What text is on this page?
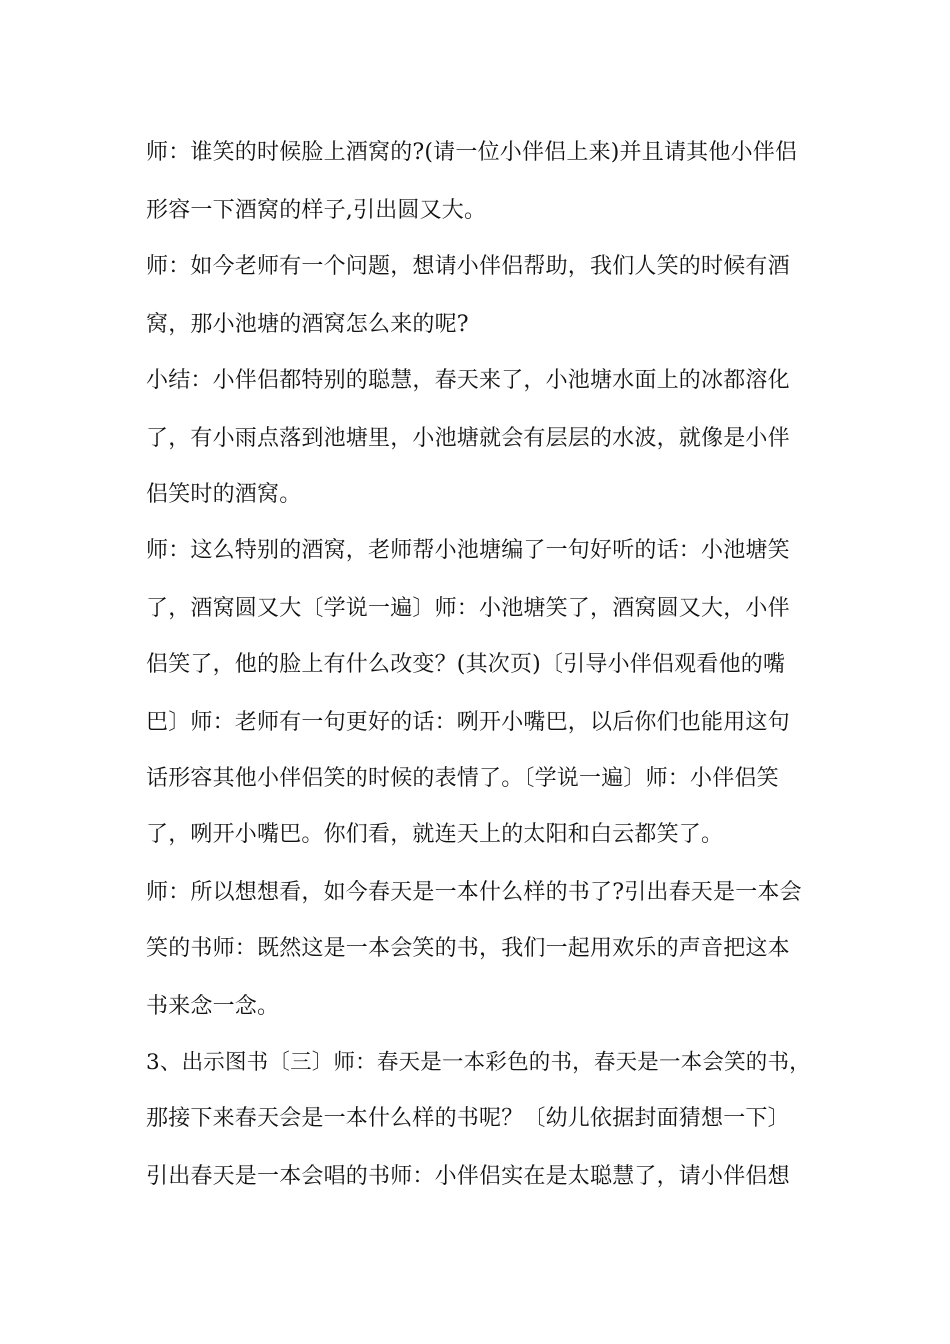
师：谁笑的时候脸上酒窝的?(请一位小伴侣上来)并且请其他小伴侣
形容一下酒窝的样子,引出圆又大。
师：如今老师有一个问题，想请小伴侣帮助，我们人笑的时候有酒
窝，那小池塘的酒窝怎么来的呢?
小结：小伴侣都特别的聪慧，春天来了，小池塘水面上的冰都溶化
了，有小雨点落到池塘里，小池塘就会有层层的水波，就像是小伴
侣笑时的酒窝。
师：这么特别的酒窝，老师帮小池塘编了一句好听的话：小池塘笑
了，酒窝圆又大〔学说一遍〕师：小池塘笑了，酒窝圆又大，小伴
侣笑了，他的脸上有什么改变？(其次页)〔引导小伴侣观看他的嘴
巴〕师：老师有一句更好的话：咧开小嘴巴，以后你们也能用这句
话形容其他小伴侣笑的时候的表情了。〔学说一遍〕师：小伴侣笑
了，咧开小嘴巴。你们看，就连天上的太阳和白云都笑了。
师：所以想想看，如今春天是一本什么样的书了?引出春天是一本会
笑的书师：既然这是一本会笑的书，我们一起用欢乐的声音把这本
书来念一念。
3、出示图书〔三〕师：春天是一本彩色的书，春天是一本会笑的书，
那接下来春天会是一本什么样的书呢？〔幼儿依据封面猜想一下〕
引出春天是一本会唱的书师：小伴侣实在是太聪慧了，请小伴侣想
